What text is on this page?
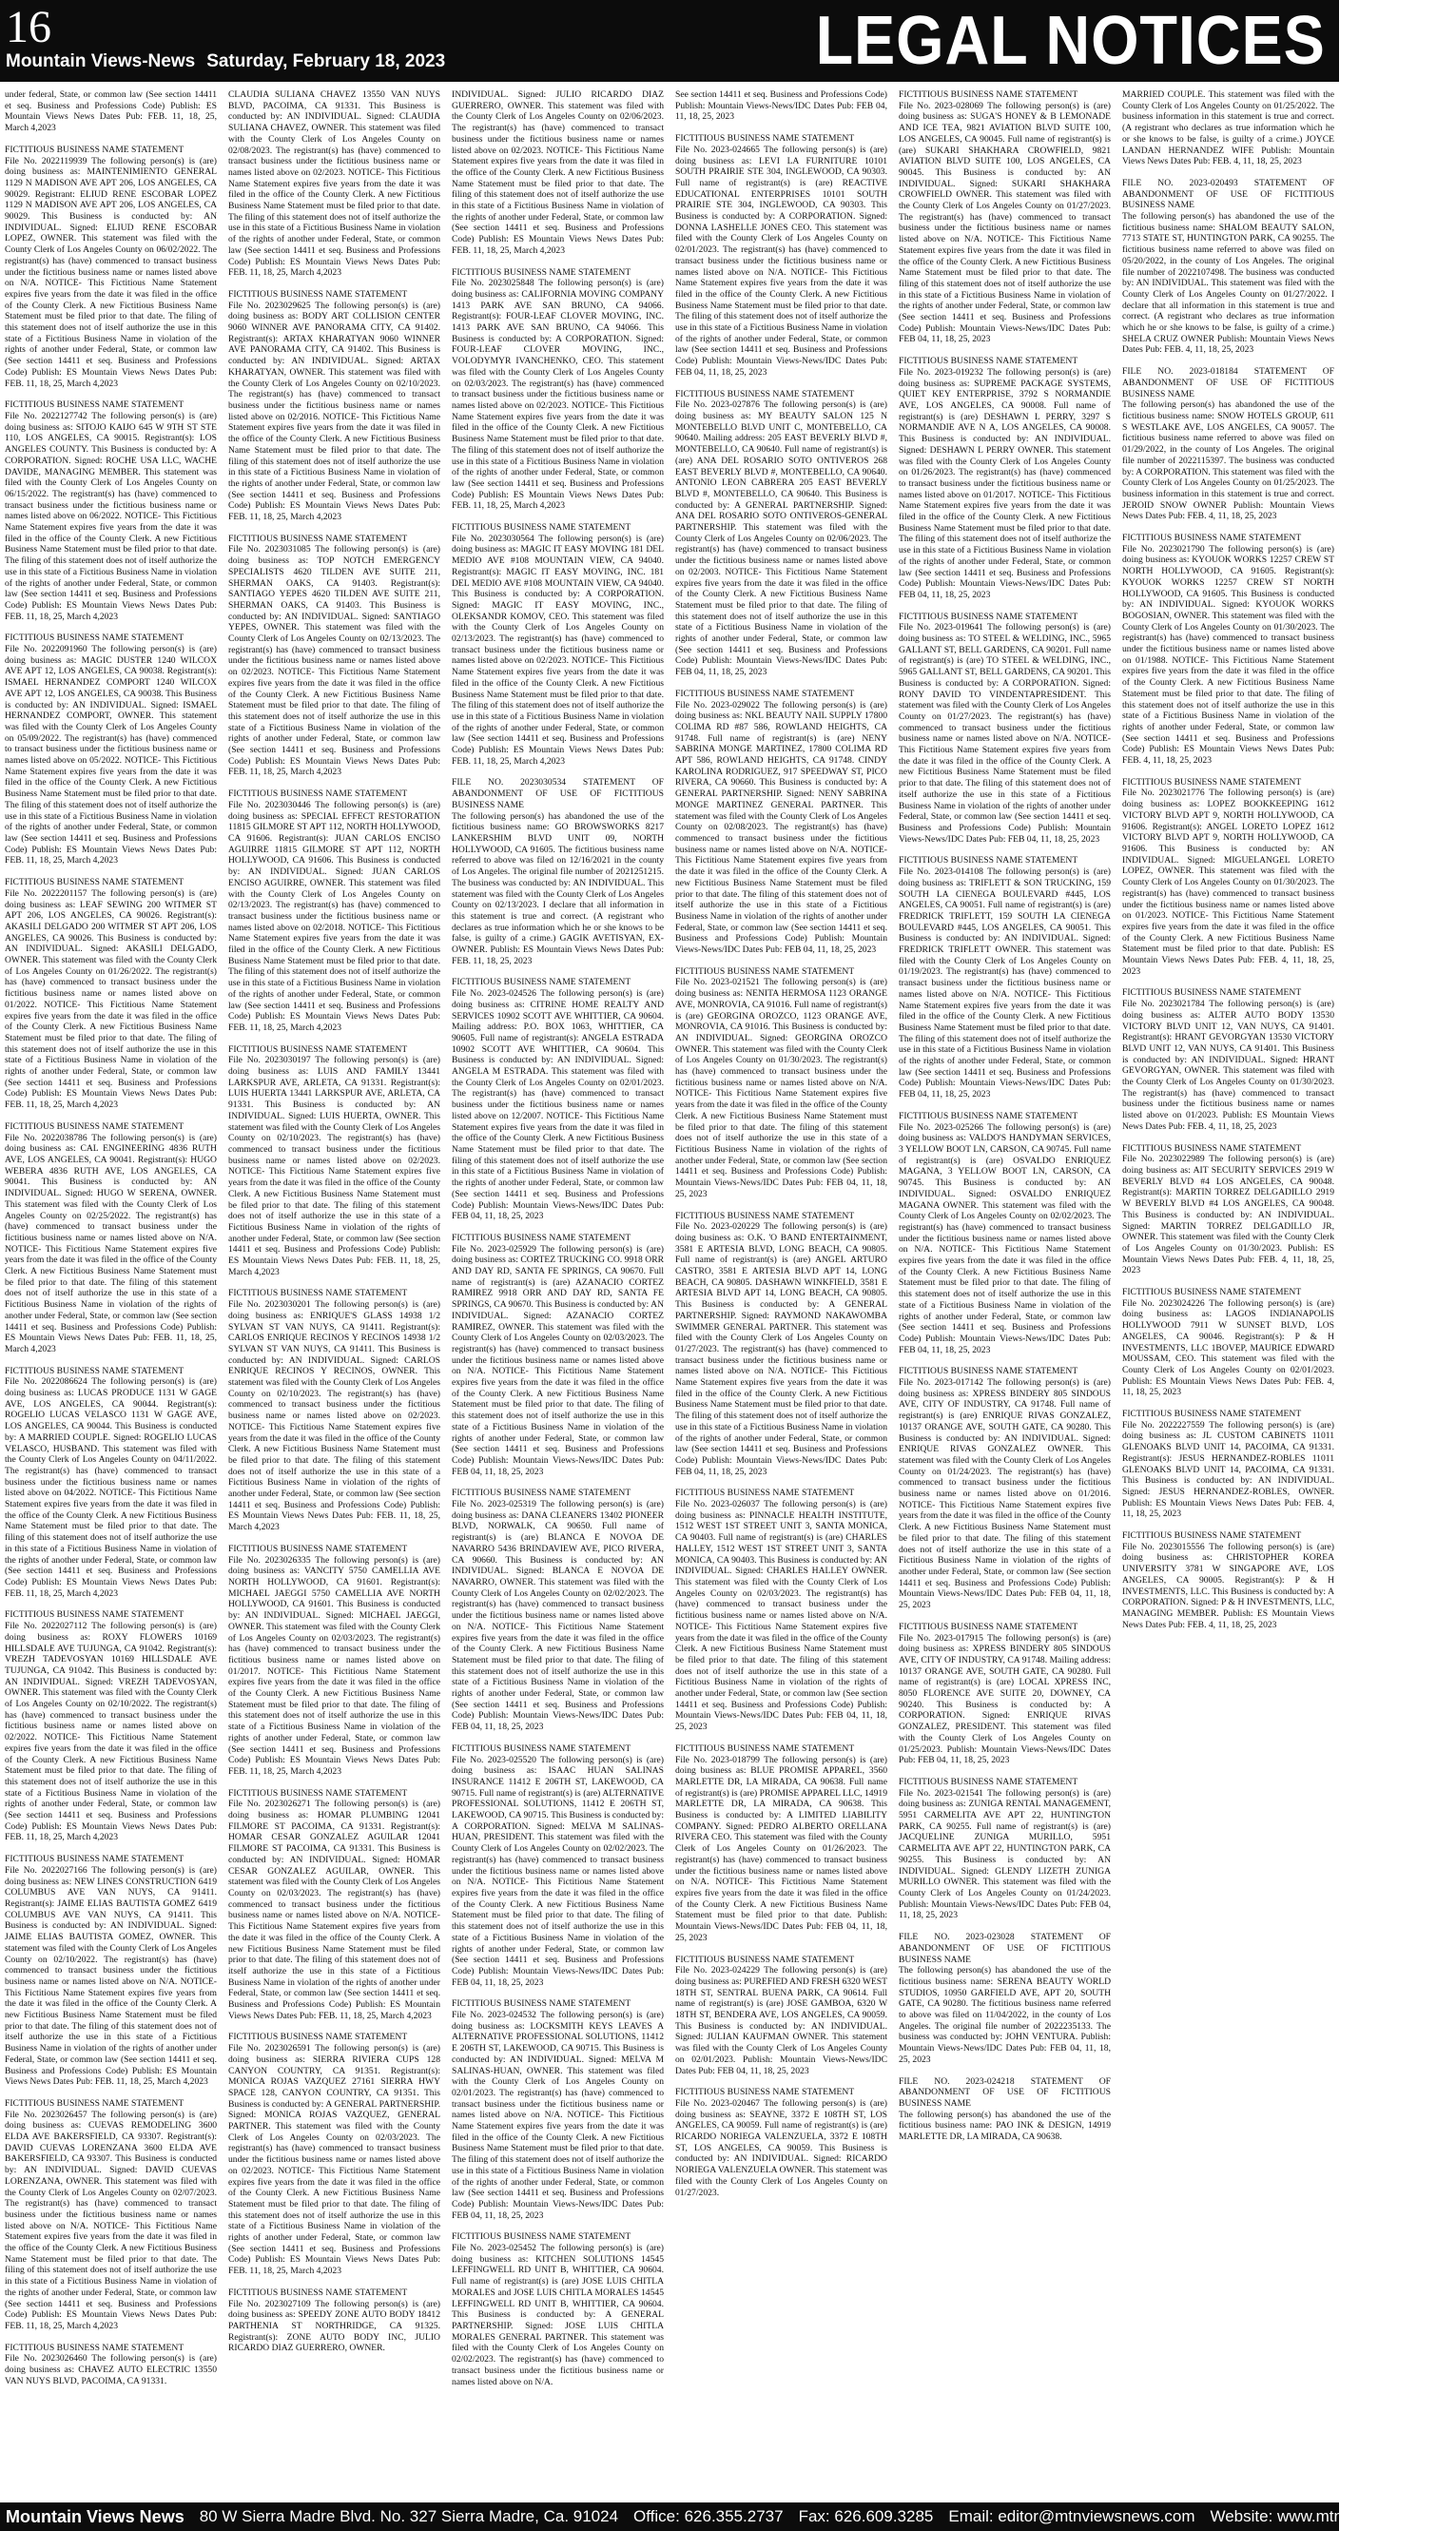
16
Mountain Views-News Saturday, February 18, 2023	LEGAL NOTICES
under federal, State, or common law (See section 14411 et seq. Business and Professions Code) Publish: ES Mountain Views News Dates Pub: FEB. 11, 18, 25, March 4,2023
FICTITIOUS BUSINESS NAME STATEMENT
File No. 2022119939 The following person(s) is (are) doing business as: MAINTENIMIENTO GENERAL 1129 N MADISON AVE APT 206, LOS ANGELES, CA 90029. Registrant: ELIUD RENE ESCOBAR LOPEZ 1129 N MADISON AVE APT 206, LOS ANGELES, CA 90029. This Business is conducted by: AN INDIVIDUAL. Signed: ELIUD RENE ESCOBAR LOPEZ, OWNER. This statement was filed with the County Clerk of Los Angeles County on 06/02/2022. The registrant(s) has (have) commenced to transact business under the fictitious business name or names listed above on N/A. NOTICE- This Fictitious Name Statement expires five years from the date it was filed in the office of the County Clerk. A new Fictitious Business Name Statement must be filed prior to that date. The filing of this statement does not of itself authorize the use in this state of a Fictitious Business Name in violation of the rights of another under Federal, State, or common law (See section 14411 et seq. Business and Professions Code) Publish: ES Mountain Views News Dates Pub: FEB. 11, 18, 25, March 4,2023
FICTITIOUS BUSINESS NAME STATEMENT
File No. 2022127742 The following person(s) is (are) doing business as: SITOJO KAIJO 645 W 9TH ST STE 110, LOS ANGELES, CA 90015. Registrant(s): LOS ANGELES COUNTY. This Business is conducted by: A CORPORATION. Signed: ROCHE USA LLC, WACHE DAVIDE, MANAGING MEMBER. This statement was filed with the County Clerk of Los Angeles County on 06/15/2022. The registrant(s) has (have) commenced to transact business under the fictitious business name or names listed above on 06/2022. NOTICE- This Fictitious Name Statement expires five years from the date it was filed in the office of the County Clerk. A new Fictitious Business Name Statement must be filed prior to that date. The filing of this statement does not of itself authorize the use in this state of a Fictitious Business Name in violation of the rights of another under Federal, State, or common law (See section 14411 et seq. Business and Professions Code) Publish: ES Mountain Views News Dates Pub: FEB. 11, 18, 25, March 4,2023
FICTITIOUS BUSINESS NAME STATEMENT
File No. 2022091960 The following person(s) is (are) doing business as: MAGIC DUSTER 1240 WILCOX AVE APT 12, LOS ANGELES, CA 90038. Registrant(s): ISMAEL HERNANDEZ COMPORT 1240 WILCOX AVE APT 12, LOS ANGELES, CA 90038. This Business is conducted by: AN INDIVIDUAL. Signed: ISMAEL HERNANDEZ COMPORT, OWNER. This statement was filed with the County Clerk of Los Angeles County on 05/09/2022. The registrant(s) has (have) commenced to transact business under the fictitious business name or names listed above on 05/2022. NOTICE- This Fictitious Name Statement expires five years from the date it was filed in the office of the County Clerk. A new Fictitious Business Name Statement must be filed prior to that date. The filing of this statement does not of itself authorize the use in this state of a Fictitious Business Name in violation of the rights of another under Federal, State, or common law (See section 14411 et seq. Business and Professions Code) Publish: ES Mountain Views News Dates Pub: FEB. 11, 18, 25, March 4,2023
FICTITIOUS BUSINESS NAME STATEMENT
File No. 2022201157 The following person(s) is (are) doing business as: LEAF SEWING 200 WITMER ST APT 206, LOS ANGELES, CA 90026. Registrant(s): AKASILI DELGADO 200 WITMER ST APT 206, LOS ANGELES, CA 90026. This Business is conducted by: AN INDIVIDUAL. Signed: AKASILI DELGADO, OWNER. This statement was filed with the County Clerk of Los Angeles County on 01/26/2022. The registrant(s) has (have) commenced to transact business under the fictitious business name or names listed above on 01/2022. NOTICE- This Fictitious Name Statement expires five years from the date it was filed in the office of the County Clerk. A new Fictitious Business Name Statement must be filed prior to that date. The filing of this statement does not of itself authorize the use in this state of a Fictitious Business Name in violation of the rights of another under Federal, State, or common law (See section 14411 et seq. Business and Professions Code) Publish: ES Mountain Views News Dates Pub: FEB. 11, 18, 25, March 4,2023
FICTITIOUS BUSINESS NAME STATEMENT
File No. 2022038786 The following person(s) is (are) doing business as: CAL ENGINEERING 4836 RUTH AVE, LOS ANGELES, CA 90041. Registrant(s): HUGO WEBERA 4836 RUTH AVE, LOS ANGELES, CA 90041. This Business is conducted by: AN INDIVIDUAL. Signed: HUGO W SERENA, OWNER. This statement was filed with the County Clerk of Los Angeles County on 02/25/2022. The registrant(s) has (have) commenced to transact business under the fictitious business name or names listed above on N/A. NOTICE- This Fictitious Name Statement expires five years from the date it was filed in the office of the County Clerk. A new Fictitious Business Name Statement must be filed prior to that date. The filing of this statement does not of itself authorize the use in this state of a Fictitious Business Name in violation of the rights of another under Federal, State, or common law (See section 14411 et seq. Business and Professions Code) Publish: ES Mountain Views News Dates Pub: FEB. 11, 18, 25, March 4,2023
FICTITIOUS BUSINESS NAME STATEMENT
File No. 2022086624 The following person(s) is (are) doing business as: LUCAS PRODUCE 1131 W GAGE AVE, LOS ANGELES, CA 90044. Registrant(s): ROGELIO LUCAS VELASCO 1131 W GAGE AVE, LOS ANGELES, CA 90044. This Business is conducted by: A MARRIED COUPLE. Signed: ROGELIO LUCAS VELASCO, HUSBAND. This statement was filed with the County Clerk of Los Angeles County on 04/11/2022. The registrant(s) has (have) commenced to transact business under the fictitious business name or names listed above on 04/2022. NOTICE- This Fictitious Name Statement expires five years from the date it was filed in the office of the County Clerk. A new Fictitious Business Name Statement must be filed prior to that date. The filing of this statement does not of itself authorize the use in this state of a Fictitious Business Name in violation of the rights of another under Federal, State, or common law (See section 14411 et seq. Business and Professions Code) Publish: ES Mountain Views News Dates Pub: FEB. 11, 18, 25, March 4,2023
FICTITIOUS BUSINESS NAME STATEMENT
File No. 2022027112 The following person(s) is (are) doing business as: ROXY FLOWERS 10169 HILLSDALE AVE TUJUNGA, CA 91042. Registrant(s): VREZH TADEVOSYAN 10169 HILLSDALE AVE TUJUNGA, CA 91042. This Business is conducted by: AN INDIVIDUAL. Signed: VREZH TADEVOSYAN, OWNER. This statement was filed with the County Clerk of Los Angeles County on 02/10/2022. The registrant(s) has (have) commenced to transact business under the fictitious business name or names listed above on 02/2022. NOTICE- This Fictitious Name Statement expires five years from the date it was filed in the office of the County Clerk. A new Fictitious Business Name Statement must be filed prior to that date. The filing of this statement does not of itself authorize the use in this state of a Fictitious Business Name in violation of the rights of another under Federal, State, or common law (See section 14411 et seq. Business and Professions Code) Publish: ES Mountain Views News Dates Pub: FEB. 11, 18, 25, March 4,2023
FICTITIOUS BUSINESS NAME STATEMENT
File No. 2022027166 The following person(s) is (are) doing business as: NEW LINES CONSTRUCTION 6419 COLUMBUS AVE VAN NUYS, CA 91411. Registrant(s): JAIME ELIAS BAUTISTA GOMEZ 6419 COLUMBUS AVE VAN NUYS, CA 91411. This Business is conducted by: AN INDIVIDUAL. Signed: JAIME ELIAS BAUTISTA GOMEZ, OWNER. This statement was filed with the County Clerk of Los Angeles County on 02/10/2022. The registrant(s) has (have) commenced to transact business under the fictitious business name or names listed above on N/A. NOTICE- This Fictitious Name Statement expires five years from the date it was filed in the office of the County Clerk. A new Fictitious Business Name Statement must be filed prior to that date. The filing of this statement does not of itself authorize the use in this state of a Fictitious Business Name in violation of the rights of another under Federal, State, or common law (See section 14411 et seq. Business and Professions Code) Publish: ES Mountain Views News Dates Pub: FEB. 11, 18, 25, March 4,2023
FICTITIOUS BUSINESS NAME STATEMENT
File No. 2023026457 The following person(s) is (are) doing business as: CUEVAS REMODELING 3600 ELDA AVE BAKERSFIELD, CA 93307. Registrant(s): DAVID CUEVAS LORENZANA 3600 ELDA AVE BAKERSFIELD, CA 93307. This Business is conducted by: AN INDIVIDUAL. Signed: DAVID CUEVAS LORENZANA, OWNER. This statement was filed with the County Clerk of Los Angeles County on 02/07/2023. The registrant(s) has (have) commenced to transact business under the fictitious business name or names listed above on N/A. NOTICE- This Fictitious Name Statement expires five years from the date it was filed in the office of the County Clerk. A new Fictitious Business Name Statement must be filed prior to that date. The filing of this statement does not of itself authorize the use in this state of a Fictitious Business Name in violation of the rights of another under Federal, State, or common law (See section 14411 et seq. Business and Professions Code) Publish: ES Mountain Views News Dates Pub: FEB. 11, 18, 25, March 4,2023
FICTITIOUS BUSINESS NAME STATEMENT
File No. 2023026460 The following person(s) is (are) doing business as: CHAVEZ AUTO ELECTRIC 13550 VAN NUYS BLVD, PACOIMA, CA 91331.
CLAUDIA SULIANA CHAVEZ 13550 VAN NUYS BLVD, PACOIMA, CA 91331. This Business is conducted by: AN INDIVIDUAL. Signed: CLAUDIA SULIANA CHAVEZ, OWNER. This statement was filed with the County Clerk of Los Angeles County on 02/08/2023. The registrant(s) has (have) commenced to transact business under the fictitious business name or names listed above on 02/2023. NOTICE- This Fictitious Name Statement expires five years from the date it was filed in the office of the County Clerk. A new Fictitious Business Name Statement must be filed prior to that date. The filing of this statement does not of itself authorize the use in this state of a Fictitious Business Name in violation of the rights of another under Federal, State, or common law (See section 14411 et seq. Business and Professions Code) Publish: ES Mountain Views News Dates Pub: FEB. 11, 18, 25, March 4,2023
FICTITIOUS BUSINESS NAME STATEMENT
File No. 2023029625 The following person(s) is (are) doing business as: BODY ART COLLISION CENTER 9060 WINNER AVE PANORAMA CITY, CA 91402. Registrant(s): ARTAX KHARATYAN 9060 WINNER AVE PANORAMA CITY, CA 91402. This Business is conducted by: AN INDIVIDUAL. Signed: ARTAX KHARATYAN, OWNER. This statement was filed with the County Clerk of Los Angeles County on 02/10/2023. The registrant(s) has (have) commenced to transact business under the fictitious business name or names listed above on 02/2016. NOTICE- This Fictitious Name Statement expires five years from the date it was filed in the office of the County Clerk. A new Fictitious Business Name Statement must be filed prior to that date. The filing of this statement does not of itself authorize the use in this state of a Fictitious Business Name in violation of the rights of another under Federal, State, or common law (See section 14411 et seq. Business and Professions Code) Publish: ES Mountain Views News Dates Pub: FEB. 11, 18, 25, March 4,2023
FICTITIOUS BUSINESS NAME STATEMENT
File No. 2023031085 The following person(s) is (are) doing business as: TOP NOTCH EMERGENCY SPECIALISTS 4620 TILDEN AVE SUITE 211, SHERMAN OAKS, CA 91403. Registrant(s): SANTIAGO YEPES 4620 TILDEN AVE SUITE 211, SHERMAN OAKS, CA 91403. This Business is conducted by: AN INDIVIDUAL. Signed: SANTIAGO YEPES, OWNER. This statement was filed with the County Clerk of Los Angeles County on 02/13/2023. The registrant(s) has (have) commenced to transact business under the fictitious business name or names listed above on 02/2023. NOTICE- This Fictitious Name Statement expires five years from the date it was filed in the office of the County Clerk. A new Fictitious Business Name Statement must be filed prior to that date. The filing of this statement does not of itself authorize the use in this state of a Fictitious Business Name in violation of the rights of another under Federal, State, or common law (See section 14411 et seq. Business and Professions Code) Publish: ES Mountain Views News Dates Pub: FEB. 11, 18, 25, March 4,2023
FICTITIOUS BUSINESS NAME STATEMENT
File No. 2023030446 The following person(s) is (are) doing business as: SPECIAL EFFECT RESTORATION 11815 GILMORE ST APT 112, NORTH HOLLYWOOD, CA 91606. Registrant(s): JUAN CARLOS ENCISO AGUIRRE 11815 GILMORE ST APT 112, NORTH HOLLYWOOD, CA 91606. This Business is conducted by: AN INDIVIDUAL. Signed: JUAN CARLOS ENCISO AGUIRRE, OWNER. This statement was filed with the County Clerk of Los Angeles County on 02/13/2023. The registrant(s) has (have) commenced to transact business under the fictitious business name or names listed above on 02/2018. NOTICE- This Fictitious Name Statement expires five years from the date it was filed in the office of the County Clerk. A new Fictitious Business Name Statement must be filed prior to that date. The filing of this statement does not of itself authorize the use in this state of a Fictitious Business Name in violation of the rights of another under Federal, State, or common law (See section 14411 et seq. Business and Professions Code) Publish: ES Mountain Views News Dates Pub: FEB. 11, 18, 25, March 4,2023
FICTITIOUS BUSINESS NAME STATEMENT
File No. 2023030197 The following person(s) is (are) doing business as: LUIS AND FAMILY 13441 LARKSPUR AVE, ARLETA, CA 91331. Registrant(s): LUIS HUERTA 13441 LARKSPUR AVE, ARLETA, CA 91331. This Business is conducted by: AN INDIVIDUAL. Signed: LUIS HUERTA, OWNER. This statement was filed with the County Clerk of Los Angeles County on 02/10/2023. The registrant(s) has (have) commenced to transact business under the fictitious business name or names listed above on 02/2023. NOTICE- This Fictitious Name Statement expires five years from the date it was filed in the office of the County Clerk. A new Fictitious Business Name Statement must be filed prior to that date. The filing of this statement does not of itself authorize the use in this state of a Fictitious Business Name in violation of the rights of another under Federal, State, or common law (See section 14411 et seq. Business and Professions Code) Publish: ES Mountain Views News Dates Pub: FEB. 11, 18, 25, March 4,2023
FICTITIOUS BUSINESS NAME STATEMENT
File No. 2023030201 The following person(s) is (are) doing business as: ENRIQUE'S GLASS 14938 1/2 SYLVAN ST VAN NUYS, CA 91411. Registrant(s): CARLOS ENRIQUE RECINOS Y RECINOS 14938 1/2 SYLVAN ST VAN NUYS, CA 91411. This Business is conducted by: AN INDIVIDUAL. Signed: CARLOS ENRIQUE RECINOS Y RECINOS, OWNER. This statement was filed with the County Clerk of Los Angeles County on 02/10/2023. The registrant(s) has (have) commenced to transact business under the fictitious business name or names listed above on 02/2023. NOTICE- This Fictitious Name Statement expires five years from the date it was filed in the office of the County Clerk. A new Fictitious Business Name Statement must be filed prior to that date. The filing of this statement does not of itself authorize the use in this state of a Fictitious Business Name in violation of the rights of another under Federal, State, or common law (See section 14411 et seq. Business and Professions Code) Publish: ES Mountain Views News Dates Pub: FEB. 11, 18, 25, March 4,2023
FICTITIOUS BUSINESS NAME STATEMENT
File No. 2023026335 The following person(s) is (are) doing business as: VANCITY 5750 CAMELLIA AVE NORTH HOLLYWOOD, CA 91601. Registrant(s): MICHAEL JAEGGI 5750 CAMELLIA AVE NORTH HOLLYWOOD, CA 91601. This Business is conducted by: AN INDIVIDUAL. Signed: MICHAEL JAEGGI, OWNER. This statement was filed with the County Clerk of Los Angeles County on 02/03/2023. The registrant(s) has (have) commenced to transact business under the fictitious business name or names listed above on 01/2017. NOTICE- This Fictitious Name Statement expires five years from the date it was filed in the office of the County Clerk. A new Fictitious Business Name Statement must be filed prior to that date. The filing of this statement does not of itself authorize the use in this state of a Fictitious Business Name in violation of the rights of another under Federal, State, or common law (See section 14411 et seq. Business and Professions Code) Publish: ES Mountain Views News Dates Pub: FEB. 11, 18, 25, March 4,2023
FICTITIOUS BUSINESS NAME STATEMENT
File No. 2023026271 The following person(s) is (are) doing business as: HOMAR PLUMBING 12041 FILMORE ST PACOIMA, CA 91331. Registrant(s): HOMAR CESAR GONZALEZ AGUILAR 12041 FILMORE ST PACOIMA, CA 91331. This Business is conducted by: AN INDIVIDUAL. Signed: HOMAR CESAR GONZALEZ AGUILAR, OWNER. This statement was filed with the County Clerk of Los Angeles County on 02/03/2023. The registrant(s) has (have) commenced to transact business under the fictitious business name or names listed above on N/A. NOTICE- This Fictitious Name Statement expires five years from the date it was filed in the office of the County Clerk. A new Fictitious Business Name Statement must be filed prior to that date. The filing of this statement does not of itself authorize the use in this state of a Fictitious Business Name in violation of the rights of another under Federal, State, or common law (See section 14411 et seq. Business and Professions Code) Publish: ES Mountain Views News Dates Pub: FEB. 11, 18, 25, March 4,2023
FICTITIOUS BUSINESS NAME STATEMENT
File No. 2023026591 The following person(s) is (are) doing business as: SIERRA RIVIERA CUPS 128 CANYON COUNTRY, CA 91351. Registrant(s): MONICA ROJAS VAZQUEZ 27161 SIERRA HWY SPACE 128, CANYON COUNTRY, CA 91351. This Business is conducted by: A GENERAL PARTNERSHIP. Signed: MONICA ROJAS VAZQUEZ, GENERAL PARTNER. This statement was filed with the County Clerk of Los Angeles County on 02/03/2023. The registrant(s) has (have) commenced to transact business under the fictitious business name or names listed above on 02/2023. NOTICE- This Fictitious Name Statement expires five years from the date it was filed in the office of the County Clerk. A new Fictitious Business Name Statement must be filed prior to that date. The filing of this statement does not of itself authorize the use in this state of a Fictitious Business Name in violation of the rights of another under Federal, State, or common law (See section 14411 et seq. Business and Professions Code) Publish: ES Mountain Views News Dates Pub: FEB. 11, 18, 25, March 4,2023
FICTITIOUS BUSINESS NAME STATEMENT
File No. 2023027109 The following person(s) is (are) doing business as: SPEEDY ZONE AUTO BODY 18412 PARTHENIA ST NORTHRIDGE, CA 91325. Registrant(s): ZONE AUTO BODY INC, JULIO RICARDO DIAZ GUERRERO, OWNER.
INDIVIDUAL. Signed: JULIO RICARDO DIAZ GUERRERO, OWNER. This statement was filed with the County Clerk of Los Angeles County on 02/06/2023. The registrant(s) has (have) commenced to transact business under the fictitious business name or names listed above on 02/2023. NOTICE- This Fictitious Name Statement expires five years from the date it was filed in the office of the County Clerk. A new Fictitious Business Name Statement must be filed prior to that date. The filing of this statement does not of itself authorize the use in this state of a Fictitious Business Name in violation of the rights of another under Federal, State, or common law (See section 14411 et seq. Business and Professions Code) Publish: ES Mountain Views News Dates Pub: FEB. 11, 18, 25, March 4,2023
FICTITIOUS BUSINESS NAME STATEMENT
File No. 2023025848 The following person(s) is (are) doing business as: CALIFORNIA MOVING COMPANY 1413 PARK AVE SAN BRUNO, CA 94066. Registrant(s): FOUR-LEAF CLOVER MOVING, INC. 1413 PARK AVE SAN BRUNO, CA 94066. This Business is conducted by: A CORPORATION. Signed: FOUR-LEAF CLOVER MOVING, INC., VOLODYMYR IVANCHENKO, CEO. This statement was filed with the County Clerk of Los Angeles County on 02/03/2023. The registrant(s) has (have) commenced to transact business under the fictitious business name or names listed above on 02/2023. NOTICE- This Fictitious Name Statement expires five years from the date it was filed in the office of the County Clerk. A new Fictitious Business Name Statement must be filed prior to that date. The filing of this statement does not of itself authorize the use in this state of a Fictitious Business Name in violation of the rights of another under Federal, State, or common law (See section 14411 et seq. Business and Professions Code) Publish: ES Mountain Views News Dates Pub: FEB. 11, 18, 25, March 4,2023
FICTITIOUS BUSINESS NAME STATEMENT
File No. 2023030564 The following person(s) is (are) doing business as: MAGIC IT EASY MOVING 181 DEL MEDIO AVE #108 MOUNTAIN VIEW, CA 94040. Registrant(s): MAGIC IT EASY MOVING, INC. 181 DEL MEDIO AVE #108 MOUNTAIN VIEW, CA 94040. This Business is conducted by: A CORPORATION. Signed: MAGIC IT EASY MOVING, INC., OLEKSANDR KOMOV, CEO. This statement was filed with the County Clerk of Los Angeles County on 02/13/2023. The registrant(s) has (have) commenced to transact business under the fictitious business name or names listed above on 02/2023. NOTICE- This Fictitious Name Statement expires five years from the date it was filed in the office of the County Clerk. A new Fictitious Business Name Statement must be filed prior to that date. The filing of this statement does not of itself authorize the use in this state of a Fictitious Business Name in violation of the rights of another under Federal, State, or common law (See section 14411 et seq. Business and Professions Code) Publish: ES Mountain Views News Dates Pub: FEB. 11, 18, 25, March 4,2023
FILE NO. 2023030534 STATEMENT OF ABANDONMENT OF USE OF FICTITIOUS BUSINESS NAME
The following person(s) has abandoned the use of the fictitious business name: GO BROWSWORKS 8217 LANKERSHIM BLVD UNIT 09, NORTH HOLLYWOOD, CA 91605. The fictitious business name referred to above was filed on 12/16/2021 in the county of Los Angeles. The original file number of 2021251215. The business was conducted by: AN INDIVIDUAL. This statement was filed with the County Clerk of Los Angeles County on 02/13/2023. I declare that all information in this statement is true and correct. (A registrant who declares as true information which he or she knows to be false, is guilty of a crime.) GAGIK AVETISYAN, EX-OWNER. Publish: ES Mountain Views News Dates Pub: FEB. 11, 18, 25, 2023
FICTITIOUS BUSINESS NAME STATEMENT
File No. 2023-024526 The following person(s) is (are) doing business as: CITRINE HOME REALTY AND SERVICES 10902 SCOTT AVE WHITTIER, CA 90604. Mailing address: P.O. BOX 1063, WHITTIER, CA 90605. Full name of registrant(s): ANGELA ESTRADA 10902 SCOTT AVE WHITTIER, CA 90604. This Business is conducted by: AN INDIVIDUAL. Signed: ANGELA M ESTRADA. This statement was filed with the County Clerk of Los Angeles County on 02/01/2023. The registrant(s) has (have) commenced to transact business under the fictitious business name or names listed above on 12/2007. NOTICE- This Fictitious Name Statement expires five years from the date it was filed in the office of the County Clerk. A new Fictitious Business Name Statement must be filed prior to that date. The filing of this statement does not of itself authorize the use in this state of a Fictitious Business Name in violation of the rights of another under Federal, State, or common law (See section 14411 et seq. Business and Professions Code) Publish: Mountain Views-News/IDC Dates Pub: FEB 04, 11, 18, 25, 2023
FICTITIOUS BUSINESS NAME STATEMENT
File No. 2023-025929 The following person(s) is (are) doing business as: CORTEZ TRUCKING CO. 9918 ORR AND DAY RD, SANTA FE SPRINGS, CA 90670. Full name of registrant(s) is (are) AZANACIO CORTEZ RAMIREZ 9918 ORR AND DAY RD, SANTA FE SPRINGS, CA 90670. This Business is conducted by: AN INDIVIDUAL. Signed: AZANACIO CORTEZ RAMIREZ, OWNER. This statement was filed with the County Clerk of Los Angeles County on 02/03/2023. The registrant(s) has (have) commenced to transact business under the fictitious business name or names listed above on N/A. NOTICE- This Fictitious Name Statement expires five years from the date it was filed in the office of the County Clerk. A new Fictitious Business Name Statement must be filed prior to that date. The filing of this statement does not of itself authorize the use in this state of a Fictitious Business Name in violation of the rights of another under Federal, State, or common law (See section 14411 et seq. Business and Professions Code) Publish: Mountain Views-News/IDC Dates Pub: FEB 04, 11, 18, 25, 2023
FICTITIOUS BUSINESS NAME STATEMENT
File No. 2023-025319 The following person(s) is (are) doing business as: DANA CLEANERS 13402 PIONEER BLVD, NORWALK, CA 90650. Full name of registrant(s) is (are) BLANCA E NOVOA DE NAVARRO 5436 BRINDAVIEW AVE, PICO RIVERA, CA 90660. This Business is conducted by: AN INDIVIDUAL. Signed: BLANCA E NOVOA DE NAVARRO, OWNER. This statement was filed with the County Clerk of Los Angeles County on 02/02/2023. The registrant(s) has (have) commenced to transact business under the fictitious business name or names listed above on N/A. NOTICE- This Fictitious Name Statement expires five years from the date it was filed in the office of the County Clerk. A new Fictitious Business Name Statement must be filed prior to that date. The filing of this statement does not of itself authorize the use in this state of a Fictitious Business Name in violation of the rights of another under Federal, State, or common law (See section 14411 et seq. Business and Professions Code) Publish: Mountain Views-News/IDC Dates Pub: FEB 04, 11, 18, 25, 2023
FICTITIOUS BUSINESS NAME STATEMENT
File No. 2023-025520 The following person(s) is (are) doing business as: ISAAC HUAN SALINAS INSURANCE 11412 E 206TH ST, LAKEWOOD, CA 90715. Full name of registrant(s) is (are) ALTERNATIVE PROFESSIONAL SOLUTIONS, 11412 E 206TH ST, LAKEWOOD, CA 90715. This Business is conducted by: A CORPORATION. Signed: MELVA M SALINAS-HUAN, PRESIDENT. This statement was filed with the County Clerk of Los Angeles County on 02/02/2023. The registrant(s) has (have) commenced to transact business under the fictitious business name or names listed above on N/A. NOTICE- This Fictitious Name Statement expires five years from the date it was filed in the office of the County Clerk. A new Fictitious Business Name Statement must be filed prior to that date. The filing of this statement does not of itself authorize the use in this state of a Fictitious Business Name in violation of the rights of another under Federal, State, or common law (See section 14411 et seq. Business and Professions Code) Publish: Mountain Views-News/IDC Dates Pub: FEB 04, 11, 18, 25, 2023
FICTITIOUS BUSINESS NAME STATEMENT
File No. 2023-024532 The following person(s) is (are) doing business as: LOCKSMITH KEYS LEAVES A ALTERNATIVE PROFESSIONAL SOLUTIONS, 11412 E 206TH ST, LAKEWOOD, CA 90715. This Business is conducted by: AN INDIVIDUAL. Signed: MELVA M SALINAS-HUAN, OWNER. This statement was filed with the County Clerk of Los Angeles County on 02/01/2023. The registrant(s) has (have) commenced to transact business under the fictitious business name or names listed above on N/A. NOTICE- This Fictitious Name Statement expires five years from the date it was filed in the office of the County Clerk. A new Fictitious Business Name Statement must be filed prior to that date. The filing of this statement does not of itself authorize the use in this state of a Fictitious Business Name in violation of the rights of another under Federal, State, or common law (See section 14411 et seq. Business and Professions Code) Publish: Mountain Views-News/IDC Dates Pub: FEB 04, 11, 18, 25, 2023
FICTITIOUS BUSINESS NAME STATEMENT
File No. 2023-025452 The following person(s) is (are) doing business as: KITCHEN SOLUTIONS 14545 LEFFINGWELL RD UNIT B, WHITTIER, CA 90604. Full name of registrant(s) is (are) JOSE LUIS CHITLA MORALES and JOSE LUIS CHITLA MORALES 14545 LEFFINGWELL RD UNIT B, WHITTIER, CA 90604. This Business is conducted by: A GENERAL PARTNERSHIP. Signed: JOSE LUIS CHITLA MORALES GENERAL PARTNER. This statement was filed with the County Clerk of Los Angeles County on 02/02/2023. The registrant(s) has (have) commenced to transact business under the fictitious business name or names listed above on N/A.
See section 14411 et seq. Business and Professions Code) Publish: Mountain Views-News/IDC Dates Pub: FEB 04, 11, 18, 25, 2023
FICTITIOUS BUSINESS NAME STATEMENT
File No. 2023-024665 The following person(s) is (are) doing business as: LEVI LA FURNITURE 10101 SOUTH PRAIRIE STE 304, INGLEWOOD, CA 90303. Full name of registrant(s) is (are) REACTIVE EDUCATIONAL ENTERPRISES 10101 SOUTH PRAIRIE STE 304, INGLEWOOD, CA 90303. This Business is conducted by: A CORPORATION. Signed: DONNA LASHELLE JONES CEO. This statement was filed with the County Clerk of Los Angeles County on 02/01/2023. The registrant(s) has (have) commenced to transact business under the fictitious business name or names listed above on N/A. NOTICE- This Fictitious Name Statement expires five years from the date it was filed in the office of the County Clerk. A new Fictitious Business Name Statement must be filed prior to that date. The filing of this statement does not of itself authorize the use in this state of a Fictitious Business Name in violation of the rights of another under Federal, State, or common law (See section 14411 et seq. Business and Professions Code) Publish: Mountain Views-News/IDC Dates Pub: FEB 04, 11, 18, 25, 2023
FICTITIOUS BUSINESS NAME STATEMENT
File No. 2023-027876 The following person(s) is (are) doing business as: MY BEAUTY SALON 125 N MONTEBELLO BLVD UNIT C, MONTEBELLO, CA 90640. Mailing address: 205 EAST BEVERLY BLVD #, MONTEBELLO, CA 90640. Full name of registrant(s) is (are) ANA DEL ROSARIO SOTO ONTIVEROS 268 EAST BEVERLY BLVD #, MONTEBELLO, CA 90640. ANTONIO LEON CABRERA 205 EAST BEVERLY BLVD #, MONTEBELLO, CA 90640. This Business is conducted by: A GENERAL PARTNERSHIP. Signed: ANA DEL ROSARIO SOTO ONTIVEROS-GENERAL PARTNERSHIP. This statement was filed with the County Clerk of Los Angeles County on 02/06/2023. The registrant(s) has (have) commenced to transact business under the fictitious business name or names listed above on 02/2003. NOTICE- This Fictitious Name Statement expires five years from the date it was filed in the office of the County Clerk. A new Fictitious Business Name Statement must be filed prior to that date. The filing of this statement does not of itself authorize the use in this state of a Fictitious Business Name in violation of the rights of another under Federal, State, or common law (See section 14411 et seq. Business and Professions Code) Publish: Mountain Views-News/IDC Dates Pub: FEB 04, 11, 18, 25, 2023
FICTITIOUS BUSINESS NAME STATEMENT
File No. 2023-029022 The following person(s) is (are) doing business as: NKL BEAUTY NAIL SUPPLY 17800 COLIMA RD #87 586, ROWLAND HEIGHTS, CA 91748. Full name of registrant(s) is (are) NENY SABRINA MONGE MARTINEZ, 17800 COLIMA RD APT 586, ROWLAND HEIGHTS, CA 91748. CINDY KAROLINA RODRIGUEZ, 917 SPEEDWAY ST, PICO RIVERA, CA 90660. This Business is conducted by: A GENERAL PARTNERSHIP. Signed: NENY SABRINA MONGE MARTINEZ GENERAL PARTNER. This statement was filed with the County Clerk of Los Angeles County on 02/08/2023. The registrant(s) has (have) commenced to transact business under the fictitious business name or names listed above on N/A. NOTICE- This Fictitious Name Statement expires five years from the date it was filed in the office of the County Clerk. A new Fictitious Business Name Statement must be filed prior to that date. The filing of this statement does not of itself authorize the use in this state of a Fictitious Business Name in violation of the rights of another under Federal, State, or common law (See section 14411 et seq. Business and Professions Code) Publish: Mountain Views-News/IDC Dates Pub: FEB 04, 11, 18, 25, 2023
FICTITIOUS BUSINESS NAME STATEMENT
File No. 2023-021521 The following person(s) is (are) doing business as: NENITA HERMOSA 1123 ORANGE AVE, MONROVIA, CA 91016. Full name of registrant(s) is (are) GEORGINA OROZCO, 1123 ORANGE AVE, MONROVIA, CA 91016. This Business is conducted by: AN INDIVIDUAL. Signed: GEORGINA OROZCO OWNER. This statement was filed with the County Clerk of Los Angeles County on 01/30/2023. The registrant(s) has (have) commenced to transact business under the fictitious business name or names listed above on N/A. NOTICE- This Fictitious Name Statement expires five years from the date it was filed in the office of the County Clerk. A new Fictitious Business Name Statement must be filed prior to that date. The filing of this statement does not of itself authorize the use in this state of a Fictitious Business Name in violation of the rights of another under Federal, State, or common law (See section 14411 et seq. Business and Professions Code) Publish: Mountain Views-News/IDC Dates Pub: FEB 04, 11, 18, 25, 2023
FICTITIOUS BUSINESS NAME STATEMENT
File No. 2023-020229 The following person(s) is (are) doing business as: O.K. 'O BAND ENTERTAINMENT, 3581 E ARTESIA BLVD, LONG BEACH, CA 90805. Full name of registrant(s) is (are) ANGEL ARTURO CASTRO, 3581 E ARTESIA BLVD APT 14, LONG BEACH, CA 90805. DASHAWN WINKFIELD, 3581 E ARTESIA BLVD APT 14, LONG BEACH, CA 90805. This Business is conducted by: A GENERAL PARTNERSHIP. Signed: RAYMOND NAKAWOMBA SWIMMER GENERAL PARTNER. This statement was filed with the County Clerk of Los Angeles County on 01/27/2023. The registrant(s) has (have) commenced to transact business under the fictitious business name or names listed above on N/A. NOTICE- This Fictitious Name Statement expires five years from the date it was filed in the office of the County Clerk. A new Fictitious Business Name Statement must be filed prior to that date. The filing of this statement does not of itself authorize the use in this state of a Fictitious Business Name in violation of the rights of another under Federal, State, or common law (See section 14411 et seq. Business and Professions Code) Publish: Mountain Views-News/IDC Dates Pub: FEB 04, 11, 18, 25, 2023
FICTITIOUS BUSINESS NAME STATEMENT
File No. 2023-026037 The following person(s) is (are) doing business as: PINNACLE HEALTH INSTITUTE, 1512 WEST 1ST STREET UNIT 3, SANTA MONICA, CA 90403. Full name of registrant(s) is (are) CHARLES HALLEY, 1512 WEST 1ST STREET UNIT 3, SANTA MONICA, CA 90403. This Business is conducted by: AN INDIVIDUAL. Signed: CHARLES HALLEY OWNER. This statement was filed with the County Clerk of Los Angeles County on 02/03/2023. The registrant(s) has (have) commenced to transact business under the fictitious business name or names listed above on N/A. NOTICE- This Fictitious Name Statement expires five years from the date it was filed in the office of the County Clerk. A new Fictitious Business Name Statement must be filed prior to that date. The filing of this statement does not of itself authorize the use in this state of a Fictitious Business Name in violation of the rights of another under Federal, State, or common law (See section 14411 et seq. Business and Professions Code) Publish: Mountain Views-News/IDC Dates Pub: FEB 04, 11, 18, 25, 2023
FICTITIOUS BUSINESS NAME STATEMENT
File No. 2023-018799 The following person(s) is (are) doing business as: BLUE PROMISE APPAREL, 3560 MARLETTE DR, LA MIRADA, CA 90638. Full name of registrant(s) is (are) PROMISE APPAREL LLC, 14919 MARLETTE DR, LA MIRADA, CA 90638. This Business is conducted by: A LIMITED LIABILITY COMPANY. Signed: PEDRO ALBERTO ORELLANA RIVERA CEO. This statement was filed with the County Clerk of Los Angeles County on 01/26/2023. The registrant(s) has (have) commenced to transact business under the fictitious business name or names listed above on N/A. NOTICE- This Fictitious Name Statement expires five years from the date it was filed in the office of the County Clerk. A new Fictitious Business Name Statement must be filed prior to that date. Publish: Mountain Views-News/IDC Dates Pub: FEB 04, 11, 18, 25, 2023
FICTITIOUS BUSINESS NAME STATEMENT
File No. 2023-024229 The following person(s) is (are) doing business as: PUREFIED AND FRESH 6320 WEST 18TH ST, SENTRAL BUENA PARK, CA 90614. Full name of registrant(s) is (are) JOSE GAMBOA, 6320 W 18TH ST, BENDERA AVE, LOS ANGELES, CA 90059. This Business is conducted by: AN INDIVIDUAL. Signed: JULIAN KAUFMAN OWNER. This statement was filed with the County Clerk of Los Angeles County on 02/01/2023. Publish: Mountain Views-News/IDC Dates Pub: FEB 04, 11, 18, 25, 2023
FICTITIOUS BUSINESS NAME STATEMENT
File No. 2023-020467 The following person(s) is (are) doing business as: SEAYNE, 3372 E 108TH ST, LOS ANGELES, CA 90059. Full name of registrant(s) is (are) RICARDO NORIEGA VALENZUELA, 3372 E 108TH ST, LOS ANGELES, CA 90059. This Business is conducted by: AN INDIVIDUAL. Signed: RICARDO NORIEGA VALENZUELA OWNER. This statement was filed with the County Clerk of Los Angeles County on 01/27/2023.
FICTITIOUS BUSINESS NAME STATEMENT
File No. 2023-028069 The following person(s) is (are) doing business as: SUGA'S HONEY & B LEMONADE AND ICE TEA, 9821 AVIATION BLVD SUITE 100, LOS ANGELES, CA 90045. Full name of registrant(s) is (are) SUKARI SHAKHARA CROWFIELD, 9821 AVIATION BLVD SUITE 100, LOS ANGELES, CA 90045. This Business is conducted by: AN INDIVIDUAL. Signed: SUKARI SHAKHARA CROWFIELD OWNER. This statement was filed with the County Clerk of Los Angeles County on 01/27/2023. The registrant(s) has (have) commenced to transact business under the fictitious business name or names listed above on N/A. NOTICE- This Fictitious Name Statement expires five years from the date it was filed in the office of the County Clerk. A new Fictitious Business Name Statement must be filed prior to that date. The filing of this statement does not of itself authorize the use in this state of a Fictitious Business Name in violation of the rights of another under Federal, State, or common law (See section 14411 et seq. Business and Professions Code) Publish: Mountain Views-News/IDC Dates Pub: FEB 04, 11, 18, 25, 2023
FICTITIOUS BUSINESS NAME STATEMENT
File No. 2023-019232 The following person(s) is (are) doing business as: SUPREME PACKAGE SYSTEMS, QUIET KEY ENTERPRISE, 3792 S NORMANDIE AVE, LOS ANGELES, CA 90008. Full name of registrant(s) is (are) DESHAWN L PERRY, 3297 S NORMANDIE AVE N A, LOS ANGELES, CA 90008. This Business is conducted by: AN INDIVIDUAL. Signed: DESHAWN L PERRY OWNER. This statement was filed with the County Clerk of Los Angeles County on 01/26/2023. The registrant(s) has (have) commenced to transact business under the fictitious business name or names listed above on 01/2017. NOTICE- This Fictitious Name Statement expires five years from the date it was filed in the office of the County Clerk. A new Fictitious Business Name Statement must be filed prior to that date. The filing of this statement does not of itself authorize the use in this state of a Fictitious Business Name in violation of the rights of another under Federal, State, or common law (See section 14411 et seq. Business and Professions Code) Publish: Mountain Views-News/IDC Dates Pub: FEB 04, 11, 18, 25, 2023
FICTITIOUS BUSINESS NAME STATEMENT
File No. 2023-019641 The following person(s) is (are) doing business as: TO STEEL & WELDING, INC., 5965 GALLANT ST, BELL GARDENS, CA 90201. Full name of registrant(s) is (are) TO STEEL & WELDING, INC., 5965 GALLANT ST, BELL GARDENS, CA 90201. This Business is conducted by: A CORPORATION. Signed: RONY DAVID TO VINDENTAPRESIDENT. This statement was filed with the County Clerk of Los Angeles County on 01/27/2023. The registrant(s) has (have) commenced to transact business under the fictitious business name or names listed above on N/A. NOTICE- This Fictitious Name Statement expires five years from the date it was filed in the office of the County Clerk. A new Fictitious Business Name Statement must be filed prior to that date. The filing of this statement does not of itself authorize the use in this state of a Fictitious Business Name in violation of the rights of another under Federal, State, or common law (See section 14411 et seq. Business and Professions Code) Publish: Mountain Views-News/IDC Dates Pub: FEB 04, 11, 18, 25, 2023
FICTITIOUS BUSINESS NAME STATEMENT
File No. 2023-014108 The following person(s) is (are) doing business as: TRIFLETT & SON TRUCKING, 159 SOUTH LA CIENEGA BOULEVARD #445, LOS ANGELES, CA 90051. Full name of registrant(s) is (are) FREDRICK TRIFLETT, 159 SOUTH LA CIENEGA BOULEVARD #445, LOS ANGELES, CA 90051. This Business is conducted by: AN INDIVIDUAL. Signed: FREDRICK TRIFLETT OWNER. This statement was filed with the County Clerk of Los Angeles County on 01/19/2023. The registrant(s) has (have) commenced to transact business under the fictitious business name or names listed above on N/A. NOTICE- This Fictitious Name Statement expires five years from the date it was filed in the office of the County Clerk. A new Fictitious Business Name Statement must be filed prior to that date. The filing of this statement does not of itself authorize the use in this state of a Fictitious Business Name in violation of the rights of another under Federal, State, or common law (See section 14411 et seq. Business and Professions Code) Publish: Mountain Views-News/IDC Dates Pub: FEB 04, 11, 18, 25, 2023
FICTITIOUS BUSINESS NAME STATEMENT
File No. 2023-025266 The following person(s) is (are) doing business as: VALDO'S HANDYMAN SERVICES, 3 YELLOW BOOT LN, CARSON, CA 90745. Full name of registrant(s) is (are) OSVALDO ENRIQUEZ MAGANA, 3 YELLOW BOOT LN, CARSON, CA 90745. This Business is conducted by: AN INDIVIDUAL. Signed: OSVALDO ENRIQUEZ MAGANA OWNER. This statement was filed with the County Clerk of Los Angeles County on 02/02/2023. The registrant(s) has (have) commenced to transact business under the fictitious business name or names listed above on N/A. NOTICE- This Fictitious Name Statement expires five years from the date it was filed in the office of the County Clerk. A new Fictitious Business Name Statement must be filed prior to that date. The filing of this statement does not of itself authorize the use in this state of a Fictitious Business Name in violation of the rights of another under Federal, State, or common law (See section 14411 et seq. Business and Professions Code) Publish: Mountain Views-News/IDC Dates Pub: FEB 04, 11, 18, 25, 2023
FICTITIOUS BUSINESS NAME STATEMENT
File No. 2023-017142 The following person(s) is (are) doing business as: XPRESS BINDERY 805 SINDOUS AVE, CITY OF INDUSTRY, CA 91748. Full name of registrant(s) is (are) ENRIQUE RIVAS GONZALEZ, 10137 ORANGE AVE, SOUTH GATE, CA 90280. This Business is conducted by: AN INDIVIDUAL. Signed: ENRIQUE RIVAS GONZALEZ OWNER. This statement was filed with the County Clerk of Los Angeles County on 01/24/2023. The registrant(s) has (have) commenced to transact business under the fictitious business name or names listed above on 01/2016. NOTICE- This Fictitious Name Statement expires five years from the date it was filed in the office of the County Clerk. A new Fictitious Business Name Statement must be filed prior to that date. The filing of this statement does not of itself authorize the use in this state of a Fictitious Business Name in violation of the rights of another under Federal, State, or common law (See section 14411 et seq. Business and Professions Code) Publish: Mountain Views-News/IDC Dates Pub: FEB 04, 11, 18, 25, 2023
FICTITIOUS BUSINESS NAME STATEMENT
File No. 2023-017915 The following person(s) is (are) doing business as: XPRESS BINDERY 805 SINDOUS AVE, CITY OF INDUSTRY, CA 91748. Mailing address: 10137 ORANGE AVE, SOUTH GATE, CA 90280. Full name of registrant(s) is (are) LOCAL XPRESS INC, 8050 FLORENCE AVE SUITE 20, DOWNEY, CA 90240. This Business is conducted by: A CORPORATION. Signed: ENRIQUE RIVAS GONZALEZ, PRESIDENT. This statement was filed with the County Clerk of Los Angeles County on 01/25/2023. Publish: Mountain Views-News/IDC Dates Pub: FEB 04, 11, 18, 25, 2023
FICTITIOUS BUSINESS NAME STATEMENT
File No. 2023-021541 The following person(s) is (are) doing business as: ZUNIGA RENTAL MANAGEMENT, 5951 CARMELITA AVE APT 22, HUNTINGTON PARK, CA 90255. Full name of registrant(s) is (are) JACQUELINE ZUNIGA MURILLO, 5951 CARMELITA AVE APT 22, HUNTINGTON PARK, CA 90255. This Business is conducted by: AN INDIVIDUAL. Signed: GLENDY LIZETH ZUNIGA MURILLO OWNER. This statement was filed with the County Clerk of Los Angeles County on 01/24/2023. Publish: Mountain Views-News/IDC Dates Pub: FEB 04, 11, 18, 25, 2023
FILE NO. 2023-023028 STATEMENT OF ABANDONMENT OF USE OF FICTITIOUS BUSINESS NAME
The following person(s) has abandoned the use of the fictitious business name: SERENA BEAUTY WORLD STUDIOS, 10950 GARFIELD AVE, APT 20, SOUTH GATE, CA 90280. The fictitious business name referred to above was filed on 11/04/2022, in the county of Los Angeles. The original file number of 2022235133. The business was conducted by: JOHN VENTURA. Publish: Mountain Views-News/IDC Dates Pub: FEB 04, 11, 18, 25, 2023
FILE NO. 2023-024218 STATEMENT OF ABANDONMENT OF USE OF FICTITIOUS BUSINESS NAME
The following person(s) has abandoned the use of the fictitious business name: PAO INK & DESIGN, 14919 MARLETTE DR, LA MIRADA, CA 90638.
MARRIED COUPLE. This statement was filed with the County Clerk of Los Angeles County on 01/25/2022. The business information in this statement is true and correct. (A registrant who declares as true information which he or she knows to be false, is guilty of a crime.) JOYCE LANDAN HERNANDEZ WIFE Publish: Mountain Views News Dates Pub: FEB. 4, 11, 18, 25, 2023
FILE NO. 2023-020493 STATEMENT OF ABANDONMENT OF USE OF FICTITIOUS BUSINESS NAME
The following person(s) has abandoned the use of the fictitious business name: SHALOM BEAUTY SALON, 7713 STATE ST, HUNTINGTON PARK, CA 90255. The fictitious business name referred to above was filed on 05/20/2022, in the county of Los Angeles. The original file number of 2022107498. The business was conducted by: AN INDIVIDUAL. This statement was filed with the County Clerk of Los Angeles County on 01/27/2022. I declare that all information in this statement is true and correct. (A registrant who declares as true information which he or she knows to be false, is guilty of a crime.) SHELA CRUZ OWNER Publish: Mountain Views News Dates Pub: FEB. 4, 11, 18, 25, 2023
FILE NO. 2023-018184 STATEMENT OF ABANDONMENT OF USE OF FICTITIOUS BUSINESS NAME
The following person(s) has abandoned the use of the fictitious business name: SNOW HOTELS GROUP, 611 S WESTLAKE AVE, LOS ANGELES, CA 90057. The fictitious business name referred to above was filed on 01/29/2022, in the county of Los Angeles. The original file number of 2022115397. The business was conducted by: A CORPORATION. This statement was filed with the County Clerk of Los Angeles County on 01/25/2023. The business information in this statement is true and correct. JEROID SNOW OWNER Publish: Mountain Views News Dates Pub: FEB. 4, 11, 18, 25, 2023
FICTITIOUS BUSINESS NAME STATEMENT
File No. 2023021790 The following person(s) is (are) doing business as: KYOUOK WORKS 12257 CREW ST NORTH HOLLYWOOD, CA 91605. Registrant(s): KYOUOK WORKS 12257 CREW ST NORTH HOLLYWOOD, CA 91605. This Business is conducted by: AN INDIVIDUAL. Signed: KYOUOK WORKS BOGOSIAN, OWNER. This statement was filed with the County Clerk of Los Angeles County on 01/30/2023. The registrant(s) has (have) commenced to transact business under the fictitious business name or names listed above on 01/1988. NOTICE- This Fictitious Name Statement expires five years from the date it was filed in the office of the County Clerk. A new Fictitious Business Name Statement must be filed prior to that date. The filing of this statement does not of itself authorize the use in this state of a Fictitious Business Name in violation of the rights of another under Federal, State, or common law (See section 14411 et seq. Business and Professions Code) Publish: ES Mountain Views News Dates Pub: FEB. 4, 11, 18, 25, 2023
FICTITIOUS BUSINESS NAME STATEMENT
File No. 2023021776 The following person(s) is (are) doing business as: LOPEZ BOOKKEEPING 1612 VICTORY BLVD APT 9, NORTH HOLLYWOOD, CA 91606. Registrant(s): ANGEL LORETO LOPEZ 1612 VICTORY BLVD APT 9, NORTH HOLLYWOOD, CA 91606. This Business is conducted by: AN INDIVIDUAL. Signed: MIGUELANGEL LORETO LOPEZ, OWNER. This statement was filed with the County Clerk of Los Angeles County on 01/30/2023. The registrant(s) has (have) commenced to transact business under the fictitious business name or names listed above on 01/2023. NOTICE- This Fictitious Name Statement expires five years from the date it was filed in the office of the County Clerk. A new Fictitious Business Name Statement must be filed prior to that date. Publish: ES Mountain Views News Dates Pub: FEB. 4, 11, 18, 25, 2023
FICTITIOUS BUSINESS NAME STATEMENT
File No. 2023021784 The following person(s) is (are) doing business as: ALTER AUTO BODY 13530 VICTORY BLVD UNIT 12, VAN NUYS, CA 91401. Registrant(s): HRANT GEVORGYAN 13530 VICTORY BLVD UNIT 12, VAN NUYS, CA 91401. This Business is conducted by: AN INDIVIDUAL. Signed: HRANT GEVORGYAN, OWNER. This statement was filed with the County Clerk of Los Angeles County on 01/30/2023. The registrant(s) has (have) commenced to transact business under the fictitious business name or names listed above on 01/2023. Publish: ES Mountain Views News Dates Pub: FEB. 4, 11, 18, 25, 2023
FICTITIOUS BUSINESS NAME STATEMENT
File No. 2023022989 The following person(s) is (are) doing business as: AIT SECURITY SERVICES 2919 W BEVERLY BLVD #4 LOS ANGELES, CA 90048. Registrant(s): MARTIN TORREZ DELGADILLO 2919 W BEVERLY BLVD #4 LOS ANGELES, CA 90048. This Business is conducted by: AN INDIVIDUAL. Signed: MARTIN TORREZ DELGADILLO JR, OWNER. This statement was filed with the County Clerk of Los Angeles County on 01/30/2023. Publish: ES Mountain Views News Dates Pub: FEB. 4, 11, 18, 25, 2023
FICTITIOUS BUSINESS NAME STATEMENT
File No. 2023024226 The following person(s) is (are) doing business as: LAGOS INDIANAPOLIS HOLLYWOOD 7911 W SUNSET BLVD, LOS ANGELES, CA 90046. Registrant(s): P & H INVESTMENTS, LLC 1BOVEP, MAURICE EDWARD MOUSSAM, CEO. This statement was filed with the County Clerk of Los Angeles County on 02/01/2023. Publish: ES Mountain Views News Dates Pub: FEB. 4, 11, 18, 25, 2023
FICTITIOUS BUSINESS NAME STATEMENT
File No. 2022227559 The following person(s) is (are) doing business as: JL CUSTOM CABINETS 11011 GLENOAKS BLVD UNIT 14, PACOIMA, CA 91331. Registrant(s): JESUS HERNANDEZ-ROBLES 11011 GLENOAKS BLVD UNIT 14, PACOIMA, CA 91331. This Business is conducted by: AN INDIVIDUAL. Signed: JESUS HERNANDEZ-ROBLES, OWNER. Publish: ES Mountain Views News Dates Pub: FEB. 4, 11, 18, 25, 2023
FICTITIOUS BUSINESS NAME STATEMENT
File No. 2023015556 The following person(s) is (are) doing business as: CHRISTOPHER KOREA UNIVERSITY 3781 W SINGAPORE AVE, LOS ANGELES, CA 90005. Registrant(s): P & H INVESTMENTS, LLC. This Business is conducted by: A CORPORATION. Signed: P & H INVESTMENTS, LLC, MANAGING MEMBER. Publish: ES Mountain Views News Dates Pub: FEB. 4, 11, 18, 25, 2023
Mountain Views News 80 W Sierra Madre Blvd. No. 327 Sierra Madre, Ca. 91024 Office: 626.355.2737 Fax: 626.609.3285 Email: editor@mtnviewsnews.com Website: www.mtnviewsnews.com
